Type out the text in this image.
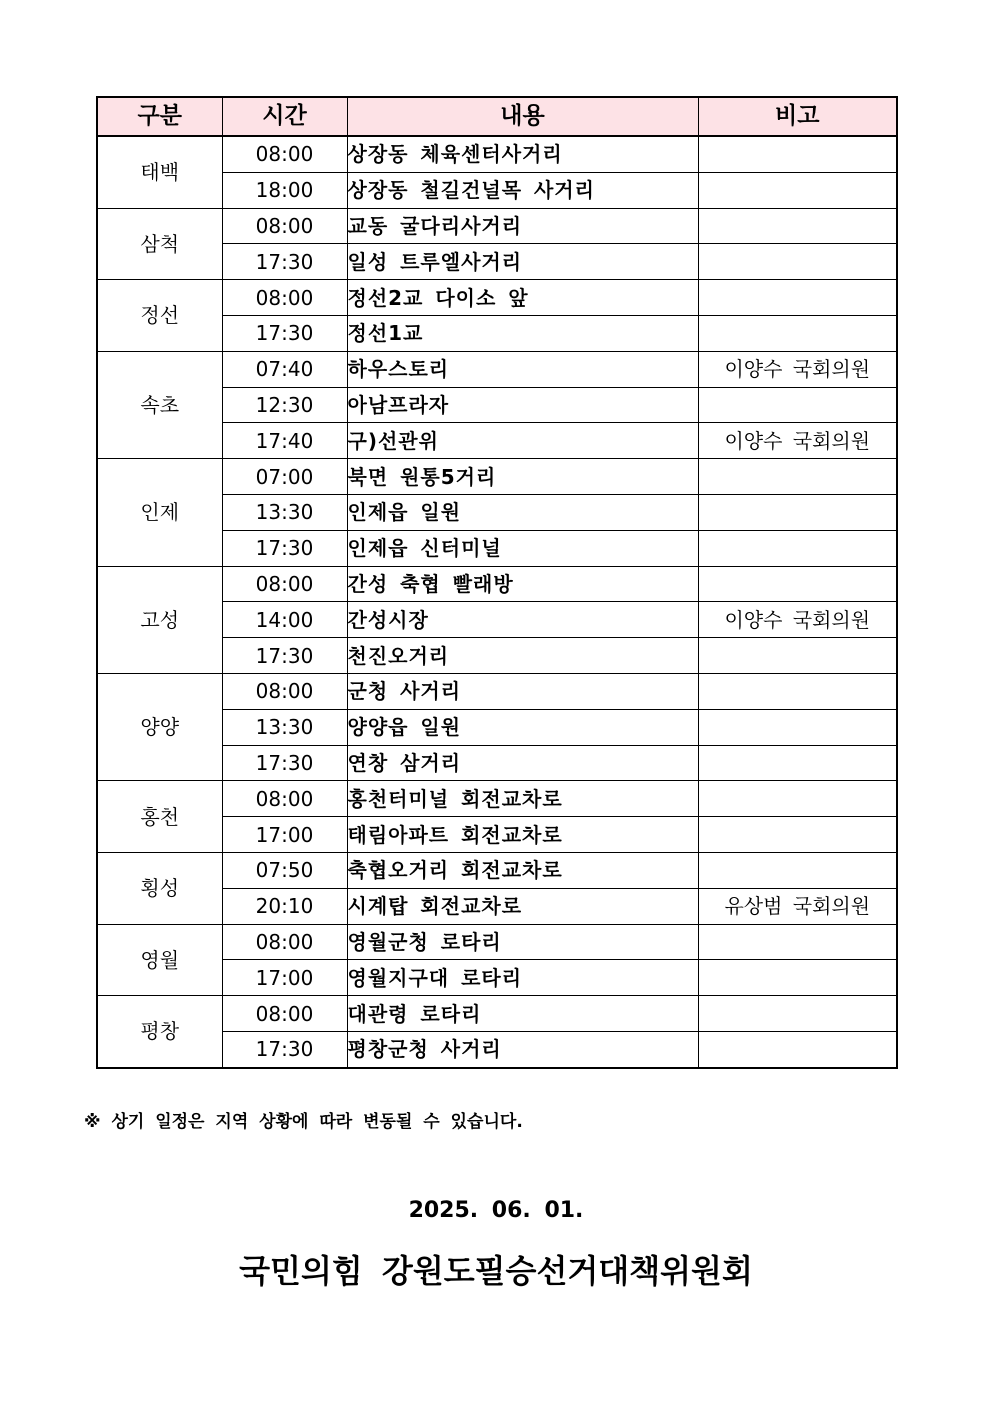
구분	시간	내용	비고
태백	08:00	상장동 체육센터사거리	
	18:00	상장동 철길건널목 사거리	
삼척	08:00	교동 굴다리사거리	
	17:30	일성 트루엘사거리	
정선	08:00	정선2교 다이소 앞	
	17:30	정선1교	
속초	07:40	하우스토리	이양수 국회의원
	12:30	아남프라자	
	17:40	구)선관위	이양수 국회의원
인제	07:00	북면 원통5거리	
	13:30	인제읍 일원	
	17:30	인제읍 신터미널	
고성	08:00	간성 축협 빨래방	
	14:00	간성시장	이양수 국회의원
	17:30	천진오거리	
양양	08:00	군청 사거리	
	13:30	양양읍 일원	
	17:30	연창 삼거리	
홍천	08:00	홍천터미널 회전교차로	
	17:00	태림아파트 회전교차로	
횡성	07:50	축협오거리 회전교차로	
	20:10	시계탑 회전교차로	유상범 국회의원
영월	08:00	영월군청 로타리	
	17:00	영월지구대 로타리	
평창	08:00	대관령 로타리	
	17:30	평창군청 사거리	
※ 상기 일정은 지역 상황에 따라 변동될 수 있습니다.
2025. 06. 01.
국민의힘 강원도필승선거대책위원회
